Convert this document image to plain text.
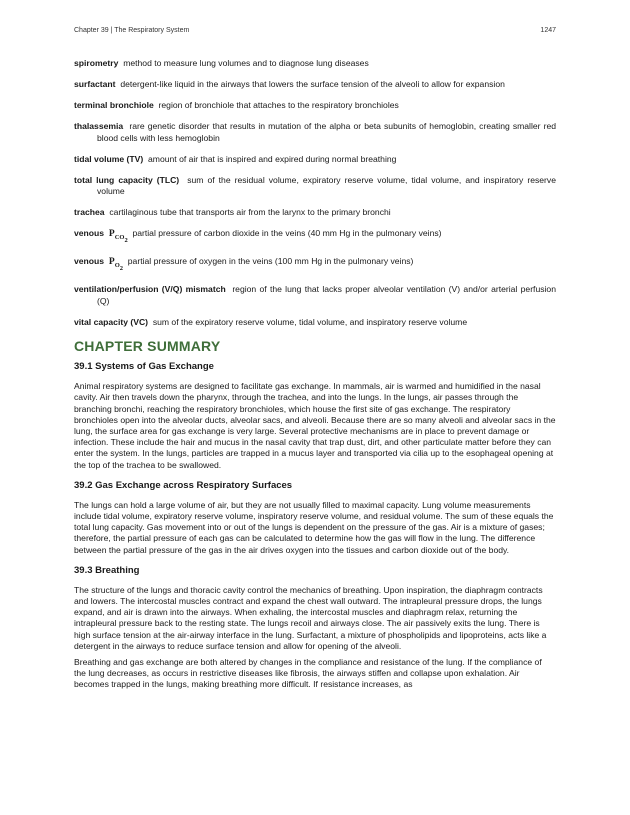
Chapter 39 | The Respiratory System	1247

spirometry method to measure lung volumes and to diagnose lung diseases

surfactant detergent-like liquid in the airways that lowers the surface tension of the alveoli to allow for expansion

terminal bronchiole region of bronchiole that attaches to the respiratory bronchioles

thalassemia rare genetic disorder that results in mutation of the alpha or beta subunits of hemoglobin, creating smaller red blood cells with less hemoglobin

tidal volume (TV) amount of air that is inspired and expired during normal breathing

total lung capacity (TLC) sum of the residual volume, expiratory reserve volume, tidal volume, and inspiratory reserve volume

trachea cartilaginous tube that transports air from the larynx to the primary bronchi

venous $P_{CO_2}$  partial pressure of carbon dioxide in the veins (40 mm Hg in the pulmonary veins)

venous $P_{O_2}$  partial pressure of oxygen in the veins (100 mm Hg in the pulmonary veins)

ventilation/perfusion (V/Q) mismatch region of the lung that lacks proper alveolar ventilation (V) and/or arterial perfusion (Q)

vital capacity (VC) sum of the expiratory reserve volume, tidal volume, and inspiratory reserve volume

CHAPTER SUMMARY
39.1 Systems of Gas Exchange

Animal respiratory systems are designed to facilitate gas exchange. In mammals, air is warmed and humidified in the nasal cavity. Air then travels down the pharynx, through the trachea, and into the lungs. In the lungs, air passes through the branching bronchi, reaching the respiratory bronchioles, which house the first site of gas exchange. The respiratory bronchioles open into the alveolar ducts, alveolar sacs, and alveoli. Because there are so many alveoli and alveolar sacs in the lung, the surface area for gas exchange is very large. Several protective mechanisms are in place to prevent damage or infection. These include the hair and mucus in the nasal cavity that trap dust, dirt, and other particulate matter before they can enter the system. In the lungs, particles are trapped in a mucus layer and transported via cilia up to the esophageal opening at the top of the trachea to be swallowed.

39.2 Gas Exchange across Respiratory Surfaces

The lungs can hold a large volume of air, but they are not usually filled to maximal capacity. Lung volume measurements include tidal volume, expiratory reserve volume, inspiratory reserve volume, and residual volume. The sum of these equals the total lung capacity. Gas movement into or out of the lungs is dependent on the pressure of the gas. Air is a mixture of gases; therefore, the partial pressure of each gas can be calculated to determine how the gas will flow in the lung. The difference between the partial pressure of the gas in the air drives oxygen into the tissues and carbon dioxide out of the body.

39.3 Breathing

The structure of the lungs and thoracic cavity control the mechanics of breathing. Upon inspiration, the diaphragm contracts and lowers. The intercostal muscles contract and expand the chest wall outward. The intrapleural pressure drops, the lungs expand, and air is drawn into the airways. When exhaling, the intercostal muscles and diaphragm relax, returning the intrapleural pressure back to the resting state. The lungs recoil and airways close. The air passively exits the lung. There is high surface tension at the air-airway interface in the lung. Surfactant, a mixture of phospholipids and lipoproteins, acts like a detergent in the airways to reduce surface tension and allow for opening of the alveoli.

Breathing and gas exchange are both altered by changes in the compliance and resistance of the lung. If the compliance of the lung decreases, as occurs in restrictive diseases like fibrosis, the airways stiffen and collapse upon exhalation. Air becomes trapped in the lungs, making breathing more difficult. If resistance increases, as
